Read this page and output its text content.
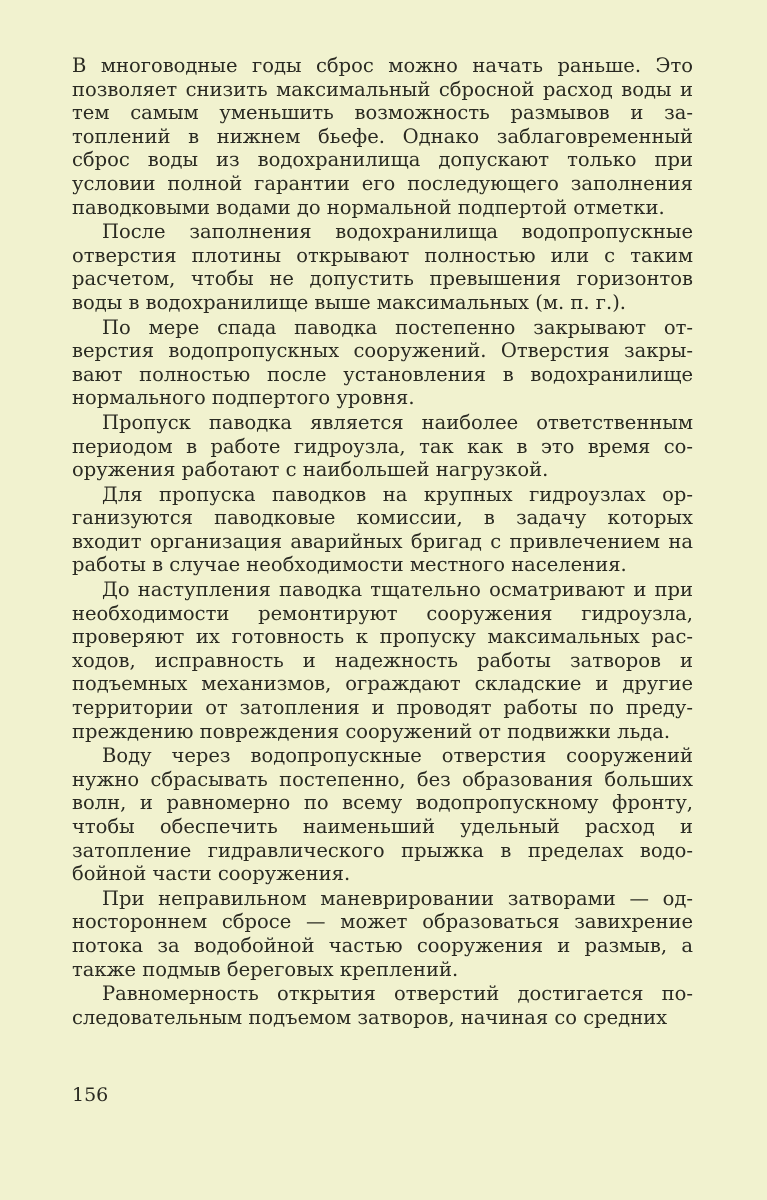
В многоводные годы сброс можно начать раньше. Это позволяет снизить максимальный сбросной расход воды и тем самым уменьшить возможность размывов и затоплений в нижнем бьефе. Однако заблаговременный сброс воды из водохранилища допускают только при условии полной гарантии его последующего заполнения паводковыми водами до нормальной подпертой отметки.

После заполнения водохранилища водопропускные отверстия плотины открывают полностью или с таким расчетом, чтобы не допустить превышения горизонтов воды в водохранилище выше максимальных (м. п. г.).

По мере спада паводка постепенно закрывают отверстия водопропускных сооружений. Отверстия закрывают полностью после установления в водохранилище нормального подпертого уровня.

Пропуск паводка является наиболее ответственным периодом в работе гидроузла, так как в это время сооружения работают с наибольшей нагрузкой.

Для пропуска паводков на крупных гидроузлах организуются паводковые комиссии, в задачу которых входит организация аварийных бригад с привлечением на работы в случае необходимости местного населения.

До наступления паводка тщательно осматривают и при необходимости ремонтируют сооружения гидроузла, проверяют их готовность к пропуску максимальных расходов, исправность и надежность работы затворов и подъемных механизмов, ограждают складские и другие территории от затопления и проводят работы по предупреждению повреждения сооружений от подвижки льда.

Воду через водопропускные отверстия сооружений нужно сбрасывать постепенно, без образования больших волн, и равномерно по всему водопропускному фронту, чтобы обеспечить наименьший удельный расход и затопление гидравлического прыжка в пределах водобойной части сооружения.

При неправильном маневрировании затворами — одностороннем сбросе — может образоваться завихрение потока за водобойной частью сооружения и размыв, а также подмыв береговых креплений.

Равномерность открытия отверстий достигается последовательным подъемом затворов, начиная со средних

156
